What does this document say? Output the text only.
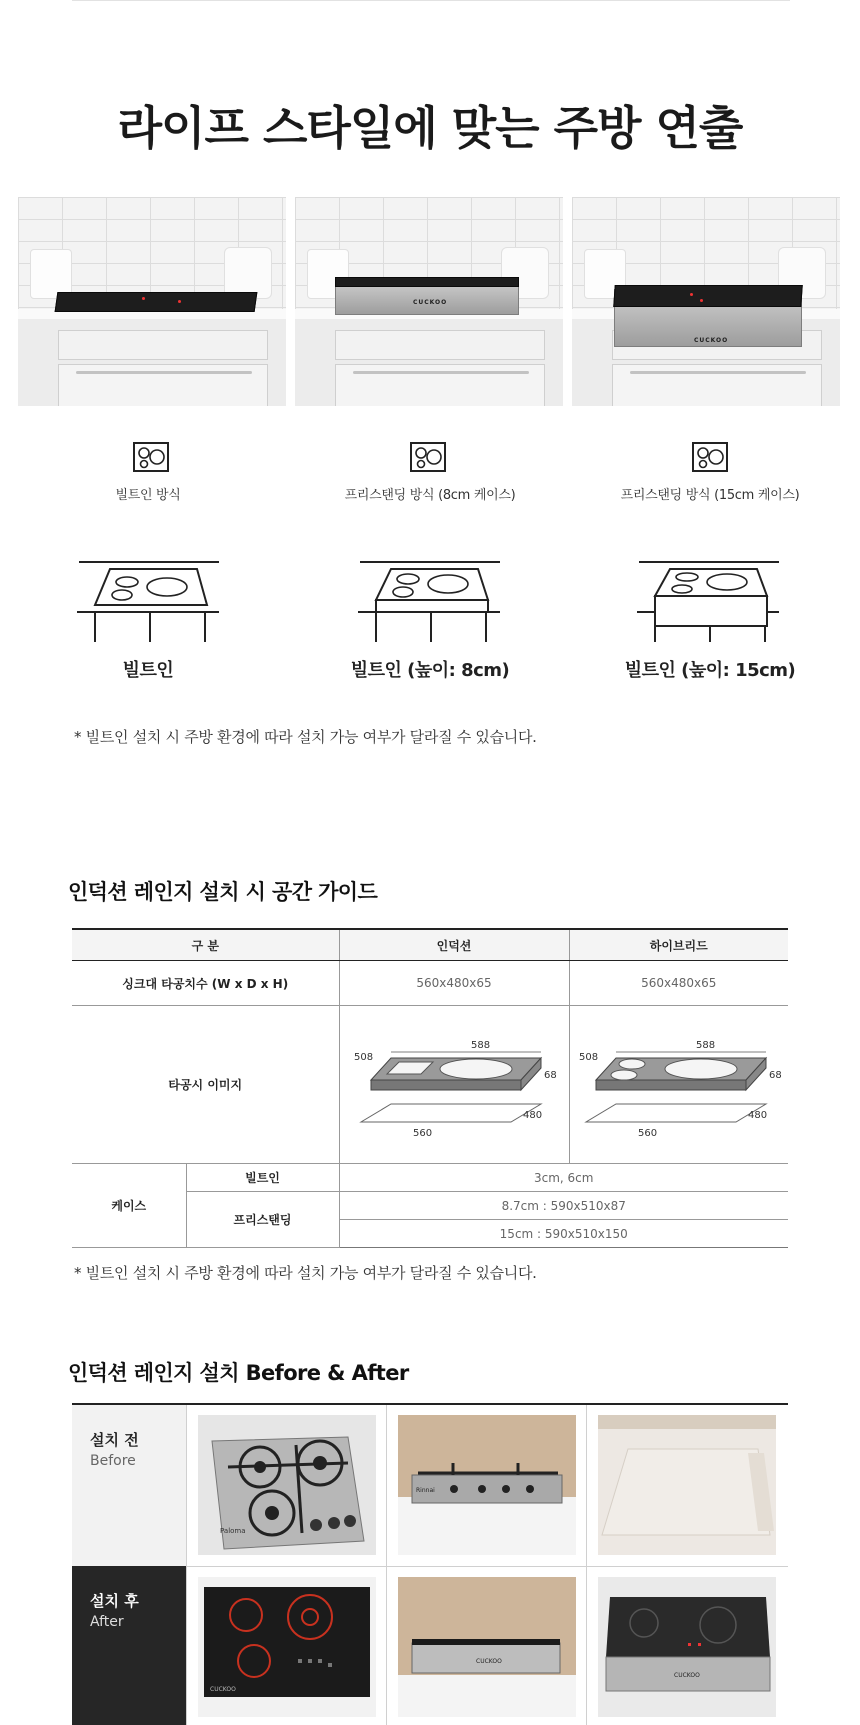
라이프 스타일에 맞는 주방 연출
CUCKOO
CUCKOO
빌트인 방식	프리스탠딩 방식 (8cm 케이스)	프리스탠딩 방식 (15cm 케이스)
빌트인	빌트인 (높이: 8cm)	빌트인 (높이: 15cm)
* 빌트인 설치 시 주방 환경에 따라 설치 가능 여부가 달라질 수 있습니다.
인덕션 레인지 설치 시 공간 가이드
구 분		인덕션	하이브리드
싱크대 타공치수 (W x D x H)		560x480x65	560x480x65
타공시 이미지		588
508
68
560
480	588
508
68
560
480

케이스	빌트인	3cm, 6cm	
	프리스탠딩	8.7cm : 590x510x87	
		15cm : 590x510x150	
* 빌트인 설치 시 주방 환경에 따라 설치 가능 여부가 달라질 수 있습니다.
인덕션 레인지 설치 Before & After
설치 전
Before
설치 후
After
Paloma
Rinnai
CUCKOO
CUCKOO
CUCKOO
